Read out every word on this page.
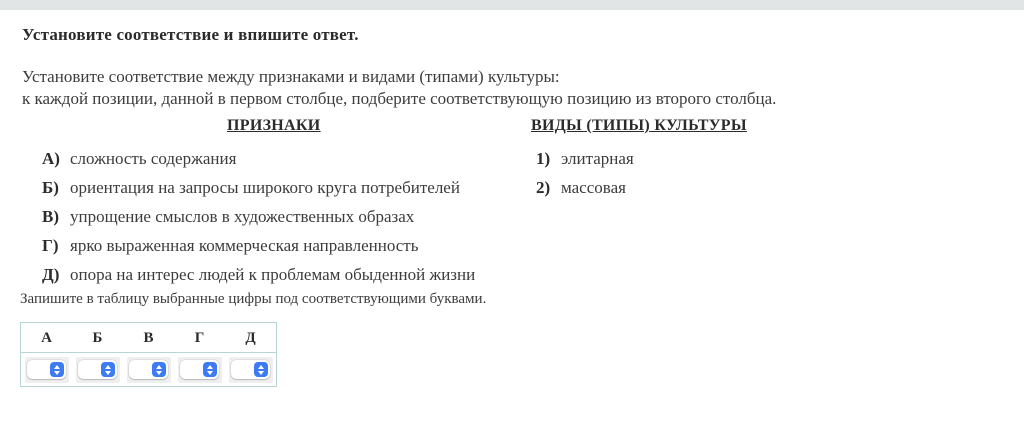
Установите соответствие и впишите ответ.

Установите соответствие между признаками и видами (типами) культуры:
к каждой позиции, данной в первом столбце, подберите соответствующую позицию из второго столбца.

ПРИЗНАКИ	ВИДЫ (ТИПЫ) КУЛЬТУРЫ
А) сложность содержания
Б) ориентация на запросы широкого круга потребителей
В) упрощение смыслов в художественных образах
Г) ярко выраженная коммерческая направленность
Д) опора на интерес людей к проблемам обыденной жизни
1) элитарная
2) массовая

Запишите в таблицу выбранные цифры под соответствующими буквами.

А	Б	В	Г	Д
